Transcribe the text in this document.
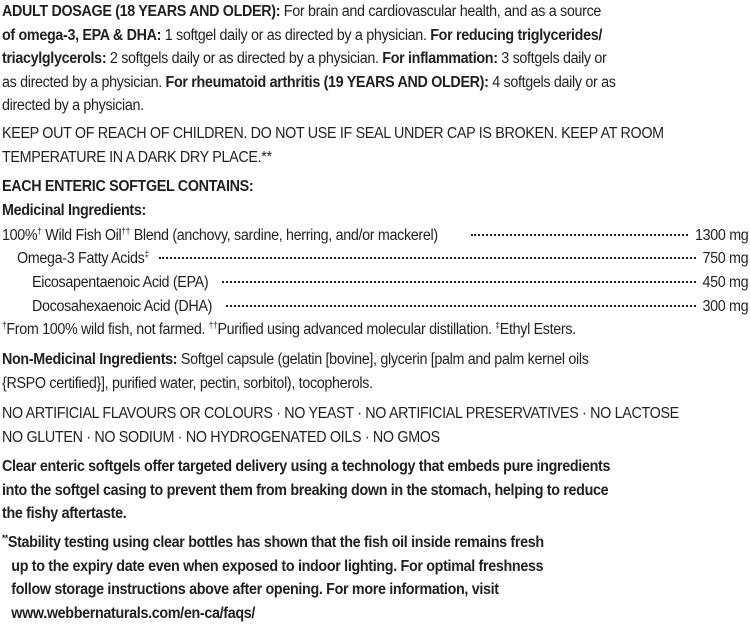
ADULT DOSAGE (18 YEARS AND OLDER): For brain and cardiovascular health, and as a source

of omega-3, EPA & DHA: 1 softgel daily or as directed by a physician. For reducing triglycerides/

triacylglycerols: 2 softgels daily or as directed by a physician. For inflammation: 3 softgels daily or

as directed by a physician. For rheumatoid arthritis (19 YEARS AND OLDER): 4 softgels daily or as

directed by a physician.

KEEP OUT OF REACH OF CHILDREN. DO NOT USE IF SEAL UNDER CAP IS BROKEN. KEEP AT ROOM

TEMPERATURE IN A DARK DRY PLACE.**

EACH ENTERIC SOFTGEL CONTAINS:

Medicinal Ingredients:

100%† Wild Fish Oil†† Blend (anchovy, sardine, herring, and/or mackerel)	1300 mg
Omega-3 Fatty Acids‡	750 mg
Eicosapentaenoic Acid (EPA)	450 mg
Docosahexaenoic Acid (DHA)	300 mg

†From 100% wild fish, not farmed. ††Purified using advanced molecular distillation. ‡Ethyl Esters.

Non-Medicinal Ingredients: Softgel capsule (gelatin [bovine], glycerin [palm and palm kernel oils

{RSPO certified}], purified water, pectin, sorbitol), tocopherols.

NO ARTIFICIAL FLAVOURS OR COLOURS · NO YEAST · NO ARTIFICIAL PRESERVATIVES · NO LACTOSE

NO GLUTEN · NO SODIUM · NO HYDROGENATED OILS · NO GMOS

Clear enteric softgels offer targeted delivery using a technology that embeds pure ingredients

into the softgel casing to prevent them from breaking down in the stomach, helping to reduce

the fishy aftertaste.

**Stability testing using clear bottles has shown that the fish oil inside remains fresh

up to the expiry date even when exposed to indoor lighting. For optimal freshness

follow storage instructions above after opening. For more information, visit

www.webbernaturals.com/en-ca/faqs/
